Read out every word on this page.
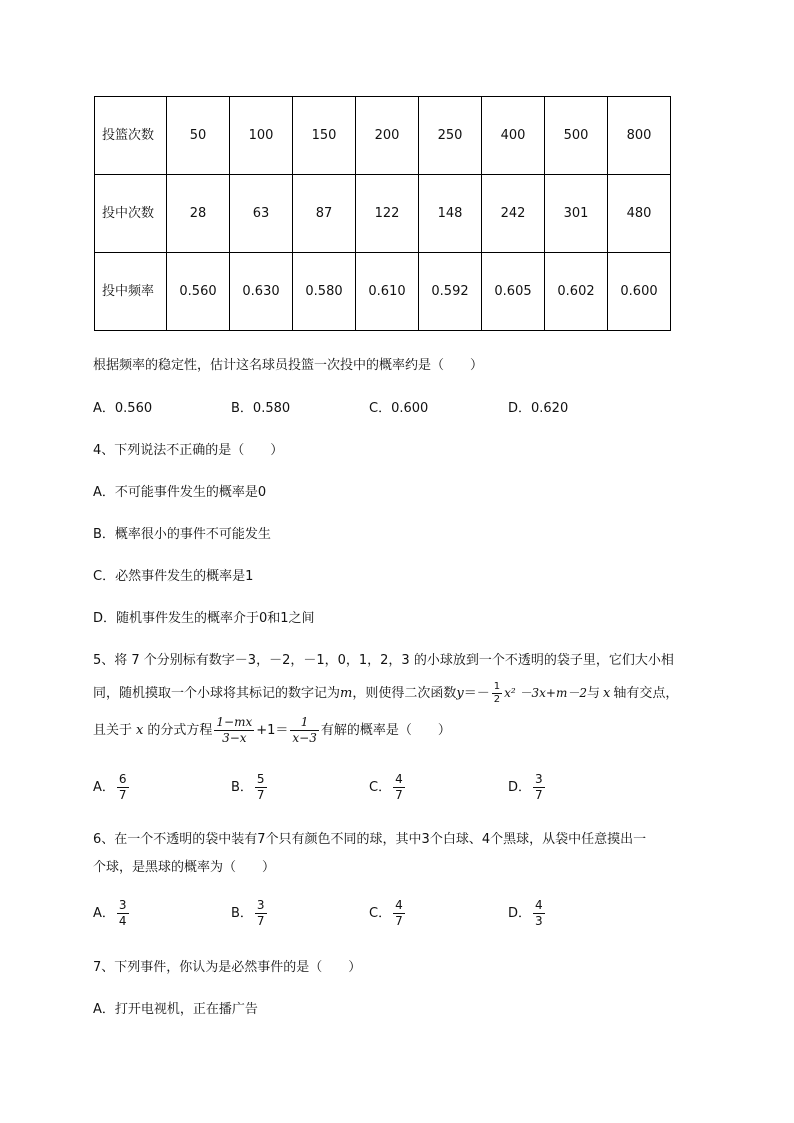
投篮次数	50	100	150	200	250	400	500	800
投中次数	28	63	87	122	148	242	301	480
投中频率	0.560	0.630	0.580	0.610	0.592	0.605	0.602	0.600
根据频率的稳定性，估计这名球员投篮一次投中的概率约是（　　）
A．0.560	B．0.580	C．0.600	D．0.620
4、下列说法不正确的是（　　）
A．不可能事件发生的概率是0
B．概率很小的事件不可能发生
C．必然事件发生的概率是1
D．随机事件发生的概率介于0和1之间
5、将 7 个分别标有数字－3，－2，－1，0，1，2，3 的小球放到一个不透明的袋子里，它们大小相
同，随机摸取一个小球将其标记的数字记为m，则使得二次函数$y=- \frac{1}{2} x^2 -3x+m-2$与 x 轴有交点，
且关于 x 的分式方程 $\frac{1-mx}{3-x} +1= \frac{1}{x-3}$ 有解的概率是（　　）
A． $\frac{6}{7}$	B． $\frac{5}{7}$	C． $\frac{4}{7}$	D． $\frac{3}{7}$
6、在一个不透明的袋中装有7个只有颜色不同的球，其中3个白球、4个黑球，从袋中任意摸出一
个球，是黑球的概率为（　　）
A． $\frac{3}{4}$	B． $\frac{3}{7}$	C． $\frac{4}{7}$	D． $\frac{4}{3}$
7、下列事件，你认为是必然事件的是（　　）
A．打开电视机，正在播广告
